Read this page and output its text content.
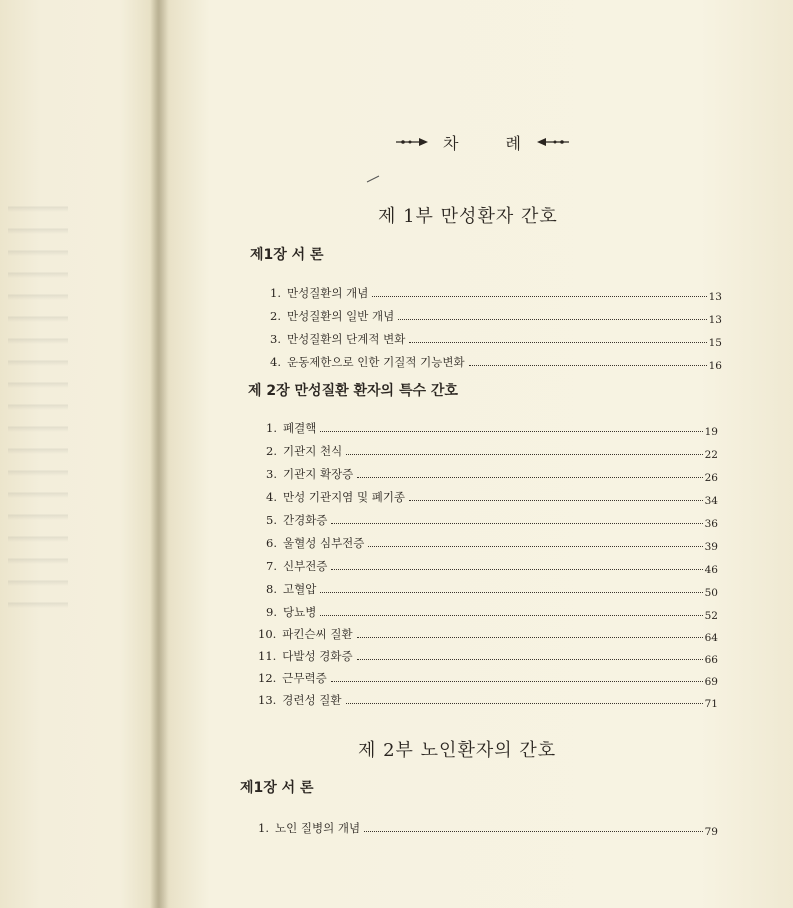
차	례
제 1부 만성환자 간호
제1장 서 론
1. 만성질환의 개념	13
2. 만성질환의 일반 개념	13
3. 만성질환의 단계적 변화	15
4. 운동제한으로 인한 기질적 기능변화	16
제 2장 만성질환 환자의 특수 간호
1. 폐결핵	19
2. 기관지 천식	22
3. 기관지 확장증	26
4. 만성 기관지염 및 폐기종	34
5. 간경화증	36
6. 울혈성 심부전증	39
7. 신부전증	46
8. 고혈압	50
9. 당뇨병	52
10. 파킨슨씨 질환	64
11. 다발성 경화증	66
12. 근무력증	69
13. 경련성 질환	71
제 2부 노인환자의 간호
제1장 서 론
1. 노인 질병의 개념	79
